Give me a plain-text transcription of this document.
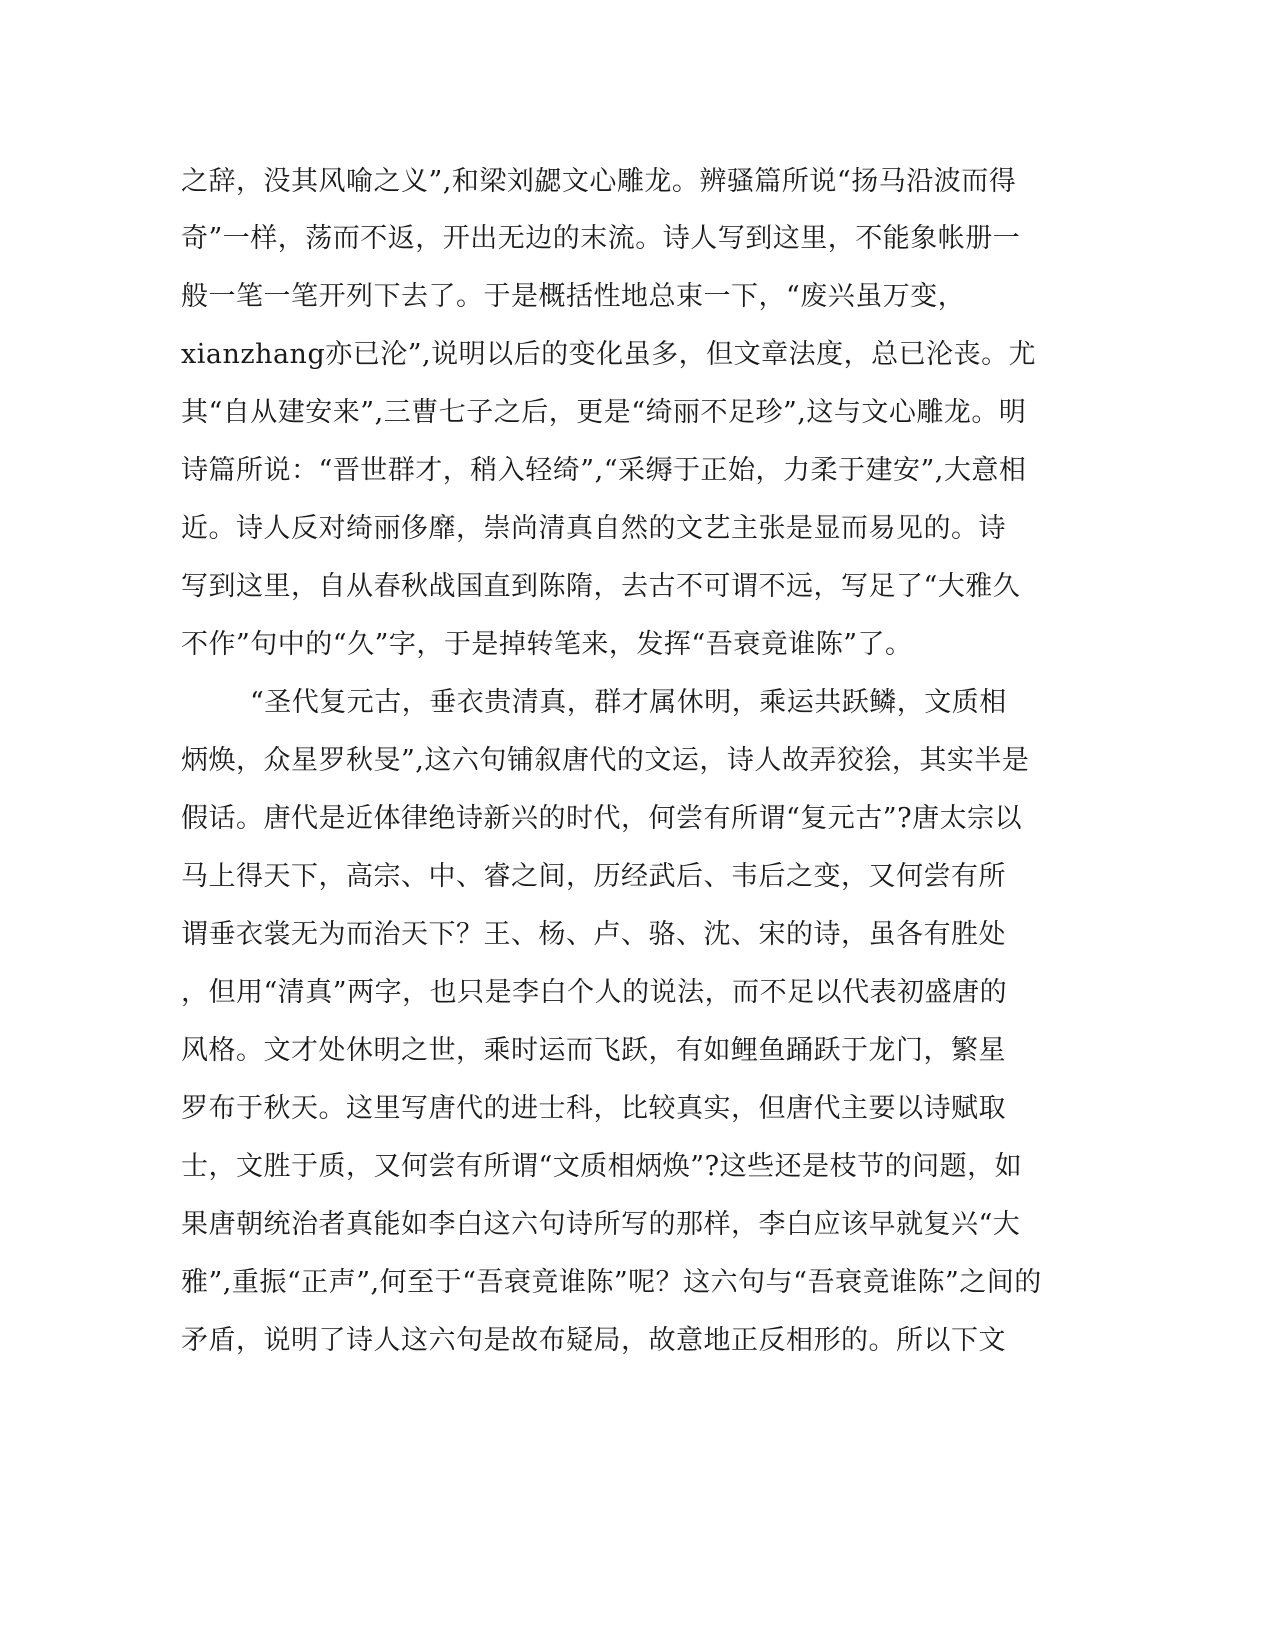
之辞，没其风喻之义”,和梁刘勰文心雕龙。辨骚篇所说“扬马沿波而得
奇”一样，荡而不返，开出无边的末流。诗人写到这里，不能象帐册一
般一笔一笔开列下去了。于是概括性地总束一下，“废兴虽万变，
xianzhang亦已沦”,说明以后的变化虽多，但文章法度，总已沦丧。尤
其“自从建安来”,三曹七子之后，更是“绮丽不足珍”,这与文心雕龙。明
诗篇所说：“晋世群才，稍入轻绮”,“采缛于正始，力柔于建安”,大意相
近。诗人反对绮丽侈靡，崇尚清真自然的文艺主张是显而易见的。诗
写到这里，自从春秋战国直到陈隋，去古不可谓不远，写足了“大雅久
不作”句中的“久”字，于是掉转笔来，发挥“吾衰竟谁陈”了。
“圣代复元古，垂衣贵清真，群才属休明，乘运共跃鳞，文质相
炳焕，众星罗秋旻”,这六句铺叙唐代的文运，诗人故弄狡狯，其实半是
假话。唐代是近体律绝诗新兴的时代，何尝有所谓“复元古”?唐太宗以
马上得天下，高宗、中、睿之间，历经武后、韦后之变，又何尝有所
谓垂衣裳无为而治天下？王、杨、卢、骆、沈、宋的诗，虽各有胜处
，但用“清真”两字，也只是李白个人的说法，而不足以代表初盛唐的
风格。文才处休明之世，乘时运而飞跃，有如鲤鱼踊跃于龙门，繁星
罗布于秋天。这里写唐代的进士科，比较真实，但唐代主要以诗赋取
士，文胜于质，又何尝有所谓“文质相炳焕”?这些还是枝节的问题，如
果唐朝统治者真能如李白这六句诗所写的那样，李白应该早就复兴“大
雅”,重振“正声”,何至于“吾衰竟谁陈”呢？这六句与“吾衰竟谁陈”之间的
矛盾，说明了诗人这六句是故布疑局，故意地正反相形的。所以下文
